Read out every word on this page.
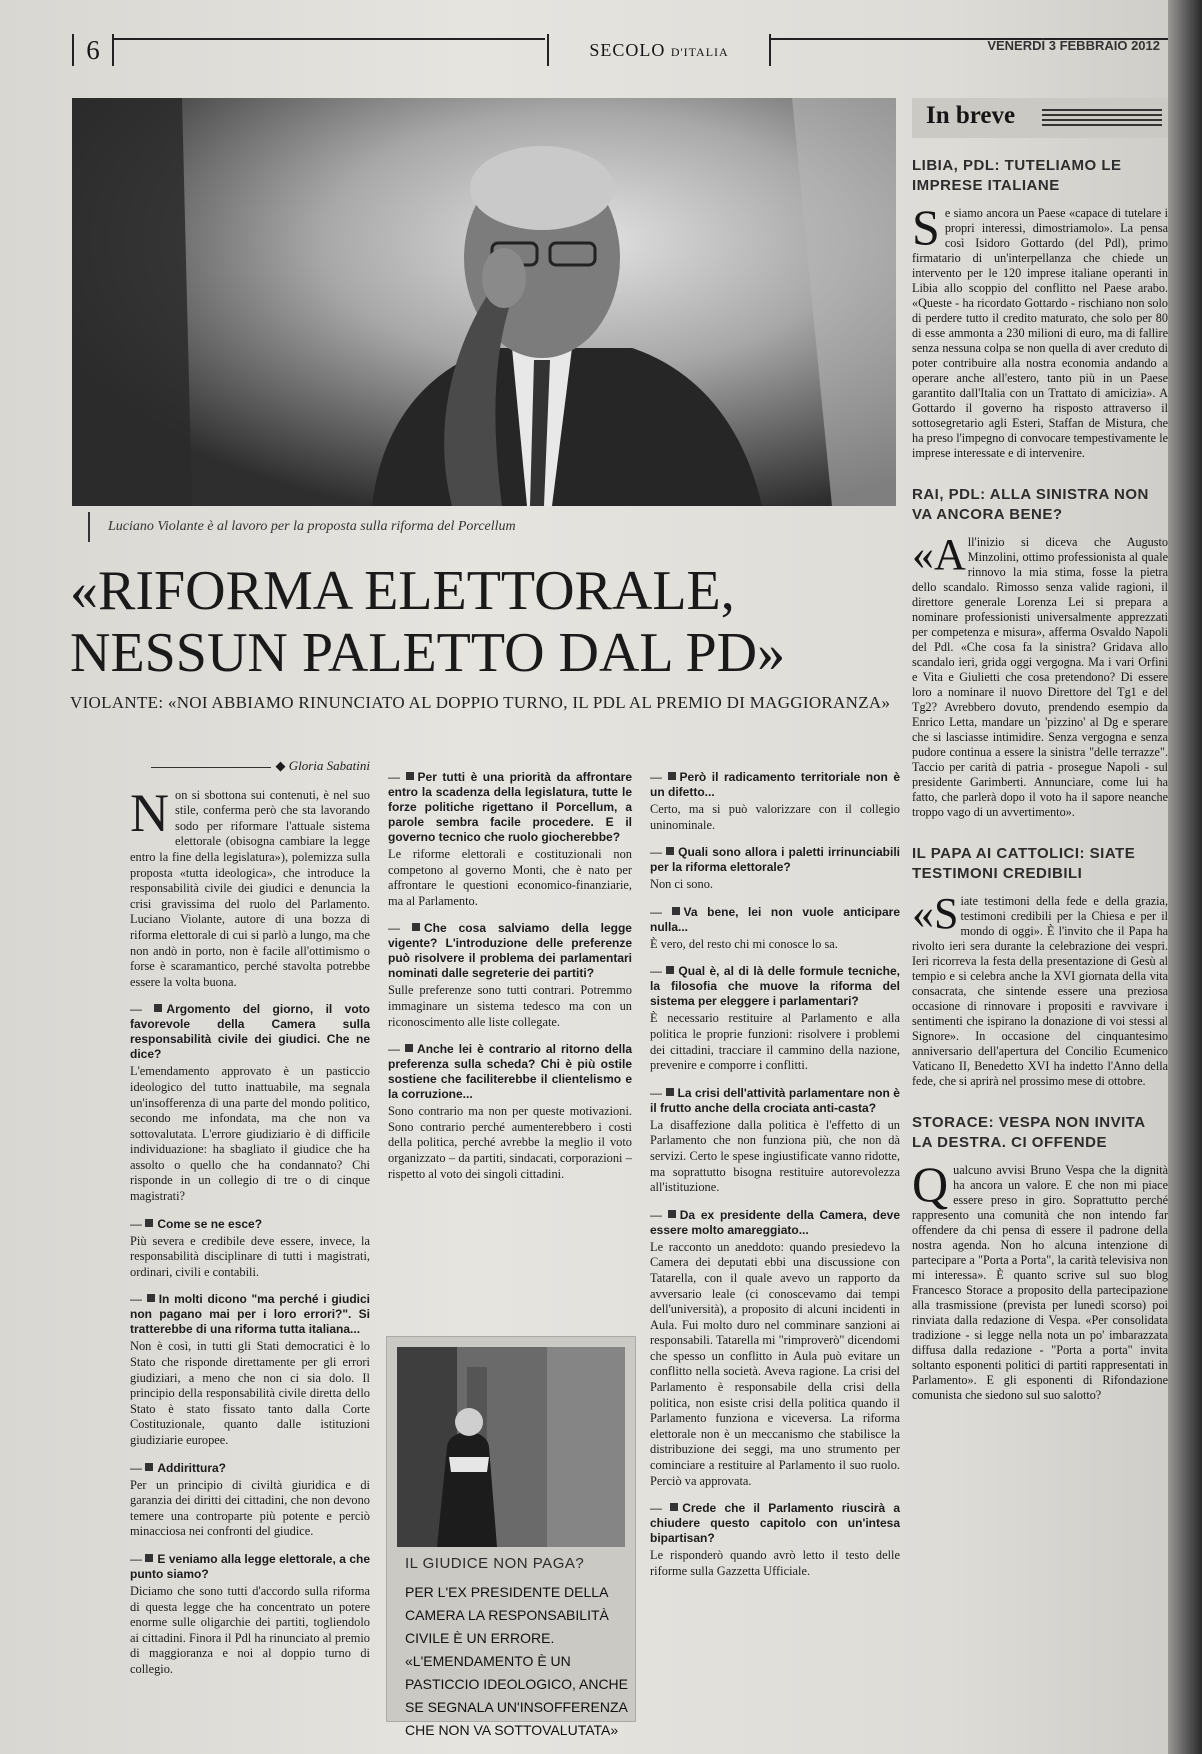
6	SECOLO D'ITALIA	VENERDÌ 3 FEBBRAIO 2012
Luciano Violante è al lavoro per la proposta sulla riforma del Porcellum
«RIFORMA ELETTORALE,
NESSUN PALETTO DAL PD»
VIOLANTE: «NOI ABBIAMO RINUNCIATO AL DOPPIO TURNO, IL PDL AL PREMIO DI MAGGIORANZA»
◆ Gloria Sabatini

Non si sbottona sui contenuti, è nel suo stile, conferma però che sta lavorando sodo per riformare l'attuale sistema elettorale (obisogna cambiare la legge entro la fine della legislatura»), polemizza sulla proposta «tutta ideologica», che introduce la responsabilità civile dei giudici e denuncia la crisi gravissima del ruolo del Parlamento. Luciano Violante, autore di una bozza di riforma elettorale di cui si parlò a lungo, ma che non andò in porto, non è facile all'ottimismo o forse è scaramantico, perché stavolta potrebbe essere la volta buona.

— Argomento del giorno, il voto favorevole della Camera sulla responsabilità civile dei giudici. Che ne dice?

L'emendamento approvato è un pasticcio ideologico del tutto inattuabile, ma segnala un'insofferenza di una parte del mondo politico, secondo me infondata, ma che non va sottovalutata. L'errore giudiziario è di difficile individuazione: ha sbagliato il giudice che ha assolto o quello che ha condannato? Chi risponde in un collegio di tre o di cinque magistrati?

— Come se ne esce?

Più severa e credibile deve essere, invece, la responsabilità disciplinare di tutti i magistrati, ordinari, civili e contabili.

— In molti dicono "ma perché i giudici non pagano mai per i loro errori?". Si tratterebbe di una riforma tutta italiana...

Non è così, in tutti gli Stati democratici è lo Stato che risponde direttamente per gli errori giudiziari, a meno che non ci sia dolo. Il principio della responsabilità civile diretta dello Stato è stato fissato tanto dalla Corte Costituzionale, quanto dalle istituzioni giudiziarie europee.

— Addirittura?

Per un principio di civiltà giuridica e di garanzia dei diritti dei cittadini, che non devono temere una controparte più potente e perciò minacciosa nei confronti del giudice.

— E veniamo alla legge elettorale, a che punto siamo?

Diciamo che sono tutti d'accordo sulla riforma di questa legge che ha concentrato un potere enorme sulle oligarchie dei partiti, togliendolo ai cittadini. Finora il Pdl ha rinunciato al premio di maggioranza e noi al doppio turno di collegio.

— Per tutti è una priorità da affrontare entro la scadenza della legislatura, tutte le forze politiche rigettano il Porcellum, a parole sembra facile procedere. E il governo tecnico che ruolo giocherebbe?

Le riforme elettorali e costituzionali non competono al governo Monti, che è nato per affrontare le questioni economico-finanziarie, ma al Parlamento.

— Che cosa salviamo della legge vigente? L'introduzione delle preferenze può risolvere il problema dei parlamentari nominati dalle segreterie dei partiti?

Sulle preferenze sono tutti contrari. Potremmo immaginare un sistema tedesco ma con un riconoscimento alle liste collegate.

— Anche lei è contrario al ritorno della preferenza sulla scheda? Chi è più ostile sostiene che faciliterebbe il clientelismo e la corruzione...

Sono contrario ma non per queste motivazioni. Sono contrario perché aumenterebbero i costi della politica, perché avrebbe la meglio il voto organizzato – da partiti, sindacati, corporazioni – rispetto al voto dei singoli cittadini.

— Però il radicamento territoriale non è un difetto...

Certo, ma si può valorizzare con il collegio uninominale.

— Quali sono allora i paletti irrinunciabili per la riforma elettorale?

Non ci sono.

— Va bene, lei non vuole anticipare nulla...

È vero, del resto chi mi conosce lo sa.

— Qual è, al di là delle formule tecniche, la filosofia che muove la riforma del sistema per eleggere i parlamentari?

È necessario restituire al Parlamento e alla politica le proprie funzioni: risolvere i problemi dei cittadini, tracciare il cammino della nazione, prevenire e comporre i conflitti.

— La crisi dell'attività parlamentare non è il frutto anche della crociata anti-casta?

La disaffezione dalla politica è l'effetto di un Parlamento che non funziona più, che non dà servizi. Certo le spese ingiustificate vanno ridotte, ma soprattutto bisogna restituire autorevolezza all'istituzione.

— Da ex presidente della Camera, deve essere molto amareggiato...

Le racconto un aneddoto: quando presiedevo la Camera dei deputati ebbi una discussione con Tatarella, con il quale avevo un rapporto da avversario leale (ci conoscevamo dai tempi dell'università), a proposito di alcuni incidenti in Aula. Fui molto duro nel comminare sanzioni ai responsabili. Tatarella mi "rimproverò" dicendomi che spesso un conflitto in Aula può evitare un conflitto nella società. Aveva ragione. La crisi del Parlamento è responsabile della crisi della politica, non esiste crisi della politica quando il Parlamento funziona e viceversa. La riforma elettorale non è un meccanismo che stabilisce la distribuzione dei seggi, ma uno strumento per cominciare a restituire al Parlamento il suo ruolo. Perciò va approvata.

— Crede che il Parlamento riuscirà a chiudere questo capitolo con un'intesa bipartisan?

Le risponderò quando avrò letto il testo delle riforme sulla Gazzetta Ufficiale.

IL GIUDICE NON PAGA?
PER L'EX PRESIDENTE DELLA CAMERA LA RESPONSABILITÀ CIVILE È UN ERRORE. «L'EMENDAMENTO È UN PASTICCIO IDEOLOGICO, ANCHE SE SEGNALA UN'INSOFFERENZA CHE NON VA SOTTOVALUTATA»
In breve
LIBIA, PDL: TUTELIAMO LE IMPRESE ITALIANE
Se siamo ancora un Paese «capace di tutelare i propri interessi, dimostriamolo». La pensa così Isidoro Gottardo (del Pdl), primo firmatario di un'interpellanza che chiede un intervento per le 120 imprese italiane operanti in Libia allo scoppio del conflitto nel Paese arabo. «Queste - ha ricordato Gottardo - rischiano non solo di perdere tutto il credito maturato, che solo per 80 di esse ammonta a 230 milioni di euro, ma di fallire senza nessuna colpa se non quella di aver creduto di poter contribuire alla nostra economia andando a operare anche all'estero, tanto più in un Paese garantito dall'Italia con un Trattato di amicizia». A Gottardo il governo ha risposto attraverso il sottosegretario agli Esteri, Staffan de Mistura, che ha preso l'impegno di convocare tempestivamente le imprese interessate e di intervenire.
RAI, PDL: ALLA SINISTRA NON VA ANCORA BENE?
«All'inizio si diceva che Augusto Minzolini, ottimo professionista al quale rinnovo la mia stima, fosse la pietra dello scandalo. Rimosso senza valide ragioni, il direttore generale Lorenza Lei si prepara a nominare professionisti universalmente apprezzati per competenza e misura», afferma Osvaldo Napoli del Pdl. «Che cosa fa la sinistra? Gridava allo scandalo ieri, grida oggi vergogna. Ma i vari Orfini e Vita e Giulietti che cosa pretendono? Di essere loro a nominare il nuovo Direttore del Tg1 e del Tg2? Avrebbero dovuto, prendendo esempio da Enrico Letta, mandare un 'pizzino' al Dg e sperare che si lasciasse intimidire. Senza vergogna e senza pudore continua a essere la sinistra "delle terrazze". Taccio per carità di patria - prosegue Napoli - sul presidente Garimberti. Annunciare, come lui ha fatto, che parlerà dopo il voto ha il sapore neanche troppo vago di un avvertimento».
IL PAPA AI CATTOLICI: SIATE TESTIMONI CREDIBILI
«Siate testimoni della fede e della grazia, testimoni credibili per la Chiesa e per il mondo di oggi». È l'invito che il Papa ha rivolto ieri sera durante la celebrazione dei vespri. Ieri ricorreva la festa della presentazione di Gesù al tempio e si celebra anche la XVI giornata della vita consacrata, che sintende essere una preziosa occasione di rinnovare i propositi e ravvivare i sentimenti che ispirano la donazione di voi stessi al Signore». In occasione del cinquantesimo anniversario dell'apertura del Concilio Ecumenico Vaticano II, Benedetto XVI ha indetto l'Anno della fede, che si aprirà nel prossimo mese di ottobre.
STORACE: VESPA NON INVITA LA DESTRA. CI OFFENDE
Qualcuno avvisi Bruno Vespa che la dignità ha ancora un valore. E che non mi piace essere preso in giro. Soprattutto perché rappresento una comunità che non intendo far offendere da chi pensa di essere il padrone della nostra agenda. Non ho alcuna intenzione di partecipare a "Porta a Porta", la carità televisiva non mi interessa». È quanto scrive sul suo blog Francesco Storace a proposito della partecipazione alla trasmissione (prevista per lunedì scorso) poi rinviata dalla redazione di Vespa. «Per consolidata tradizione - si legge nella nota un po' imbarazzata diffusa dalla redazione - "Porta a porta" invita soltanto esponenti politici di partiti rappresentati in Parlamento». E gli esponenti di Rifondazione comunista che siedono sul suo salotto?
